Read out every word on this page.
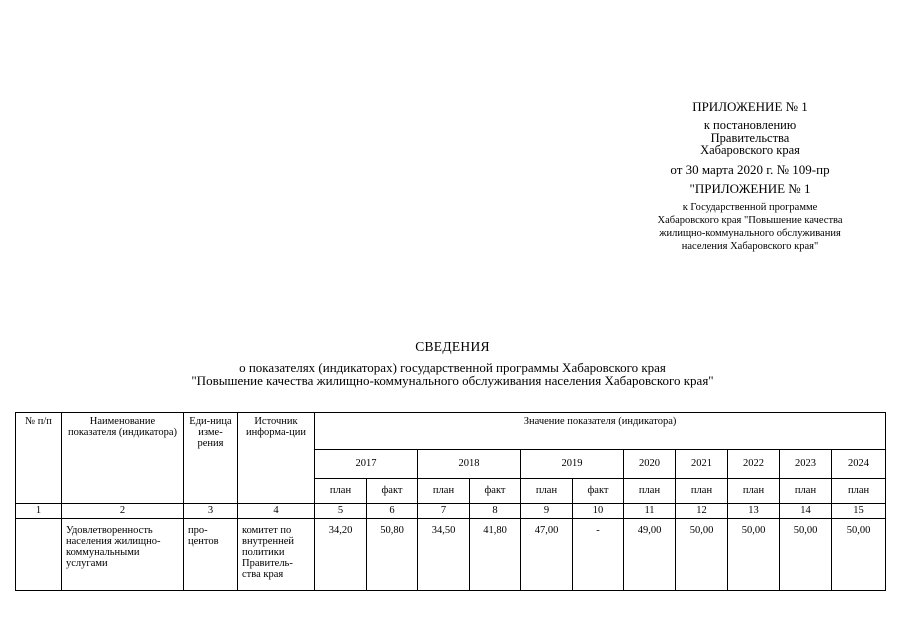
ПРИЛОЖЕНИЕ № 1
к постановлению
Правительства
Хабаровского края
от 30 марта 2020 г. № 109-пр
"ПРИЛОЖЕНИЕ № 1
к Государственной программе
Хабаровского края "Повышение качества
жилищно-коммунального обслуживания
населения Хабаровского края"
СВЕДЕНИЯ
о показателях (индикаторах) государственной программы Хабаровского края
"Повышение качества жилищно-коммунального обслуживания населения Хабаровского края"
№ п/п	Наименование показателя (индикатора)	Еди-ница изме-рения	Источник информа-ции	Значение показателя (индикатора)										
				2017		2018		2019		2020	2021	2022	2023	2024
				план	факт	план	факт	план	факт	план	план	план	план	план
1	2	3	4	5	6	7	8	9	10	11	12	13	14	15
	Удовлетворенность населения жилищно-коммунальными услугами	про-центов	комитет по внутренней политики Правитель-ства края	34,20	50,80	34,50	41,80	47,00	-	49,00	50,00	50,00	50,00	50,00
